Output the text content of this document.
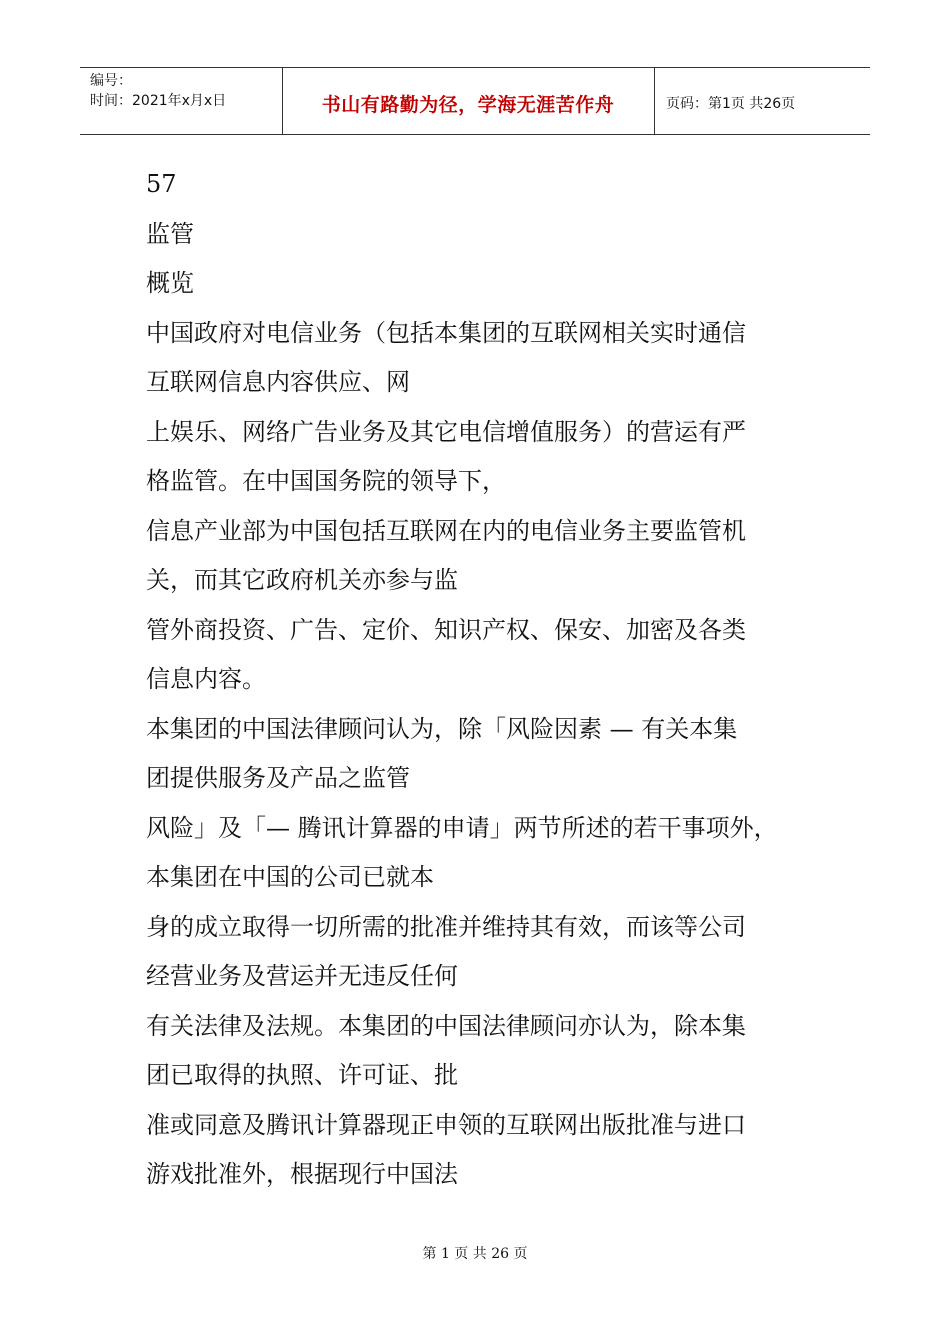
编号：
时间：2021年x月x日	书山有路勤为径，学海无涯苦作舟	页码：第1页 共26页
57
监管
概览
中国政府对电信业务（包括本集团的互联网相关实时通信
互联网信息内容供应、网
上娱乐、网络广告业务及其它电信增值服务）的营运有严
格监管。在中国国务院的领导下，
信息产业部为中国包括互联网在内的电信业务主要监管机
关，而其它政府机关亦参与监
管外商投资、广告、定价、知识产权、保安、加密及各类
信息内容。
本集团的中国法律顾问认为，除「风险因素 — 有关本集
团提供服务及产品之监管
风险」及「— 腾讯计算器的申请」两节所述的若干事项外，
本集团在中国的公司已就本
身的成立取得一切所需的批准并维持其有效，而该等公司
经营业务及营运并无违反任何
有关法律及法规。本集团的中国法律顾问亦认为，除本集
团已取得的执照、许可证、批
准或同意及腾讯计算器现正申领的互联网出版批准与进口
游戏批准外，根据现行中国法
第 1 页 共 26 页
